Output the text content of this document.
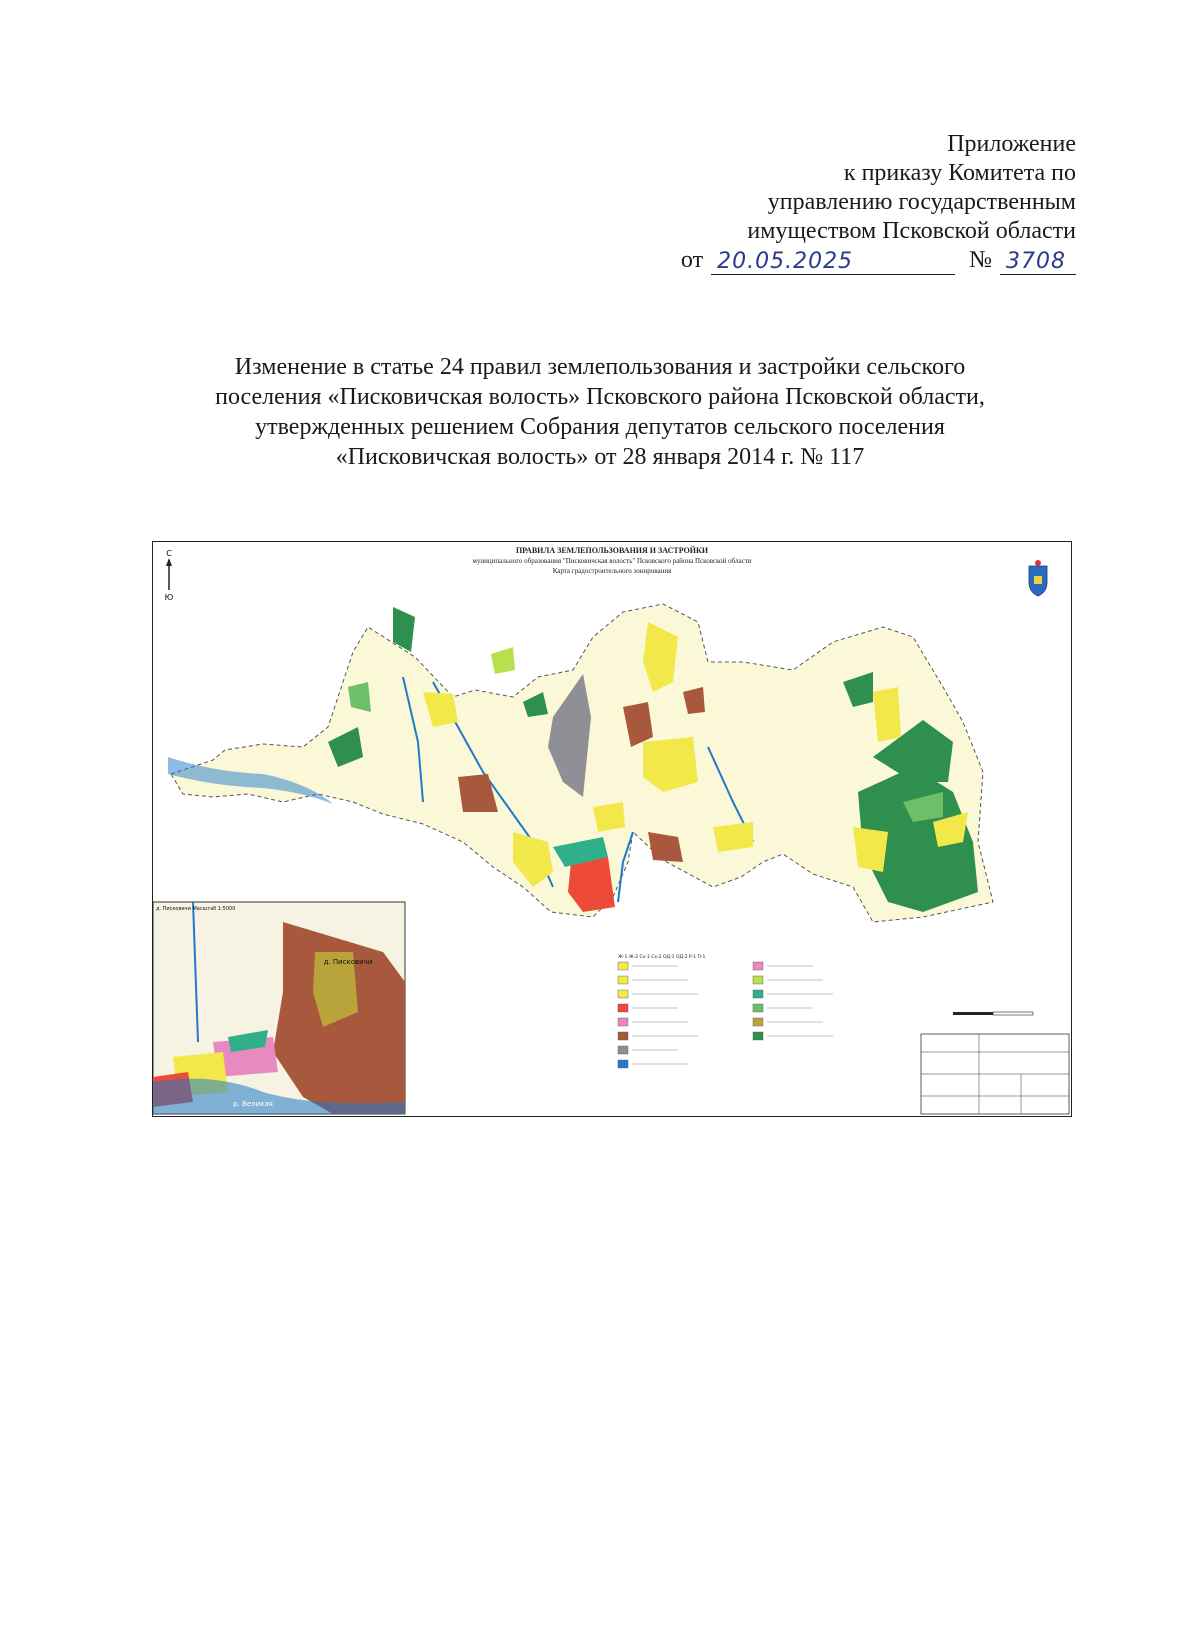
Приложение
к приказу Комитета по
управлению государственным
имуществом Псковской области
от 20.05.2025	№ 3708
Изменение в статье 24 правил землепользования и застройки сельского
поселения «Писковичская волость» Псковского района Псковской области,
утвержденных решением Собрания депутатов сельского поселения
«Писковичская волость» от 28 января 2014 г. № 117
ПРАВИЛА ЗЕМЛЕПОЛЬЗОВАНИЯ И ЗАСТРОЙКИ
муниципального образования "Писковичская волость" Псковского района Псковской области
Карта градостроительного зонирования
С
Ю
д. Писковичи
р. Великая
д. Писковичи Масштаб 1:5000
Ж-1 Ж-2 Сх-1 Сх-2 ОД-1 ОД-2 Р-1 П-1
